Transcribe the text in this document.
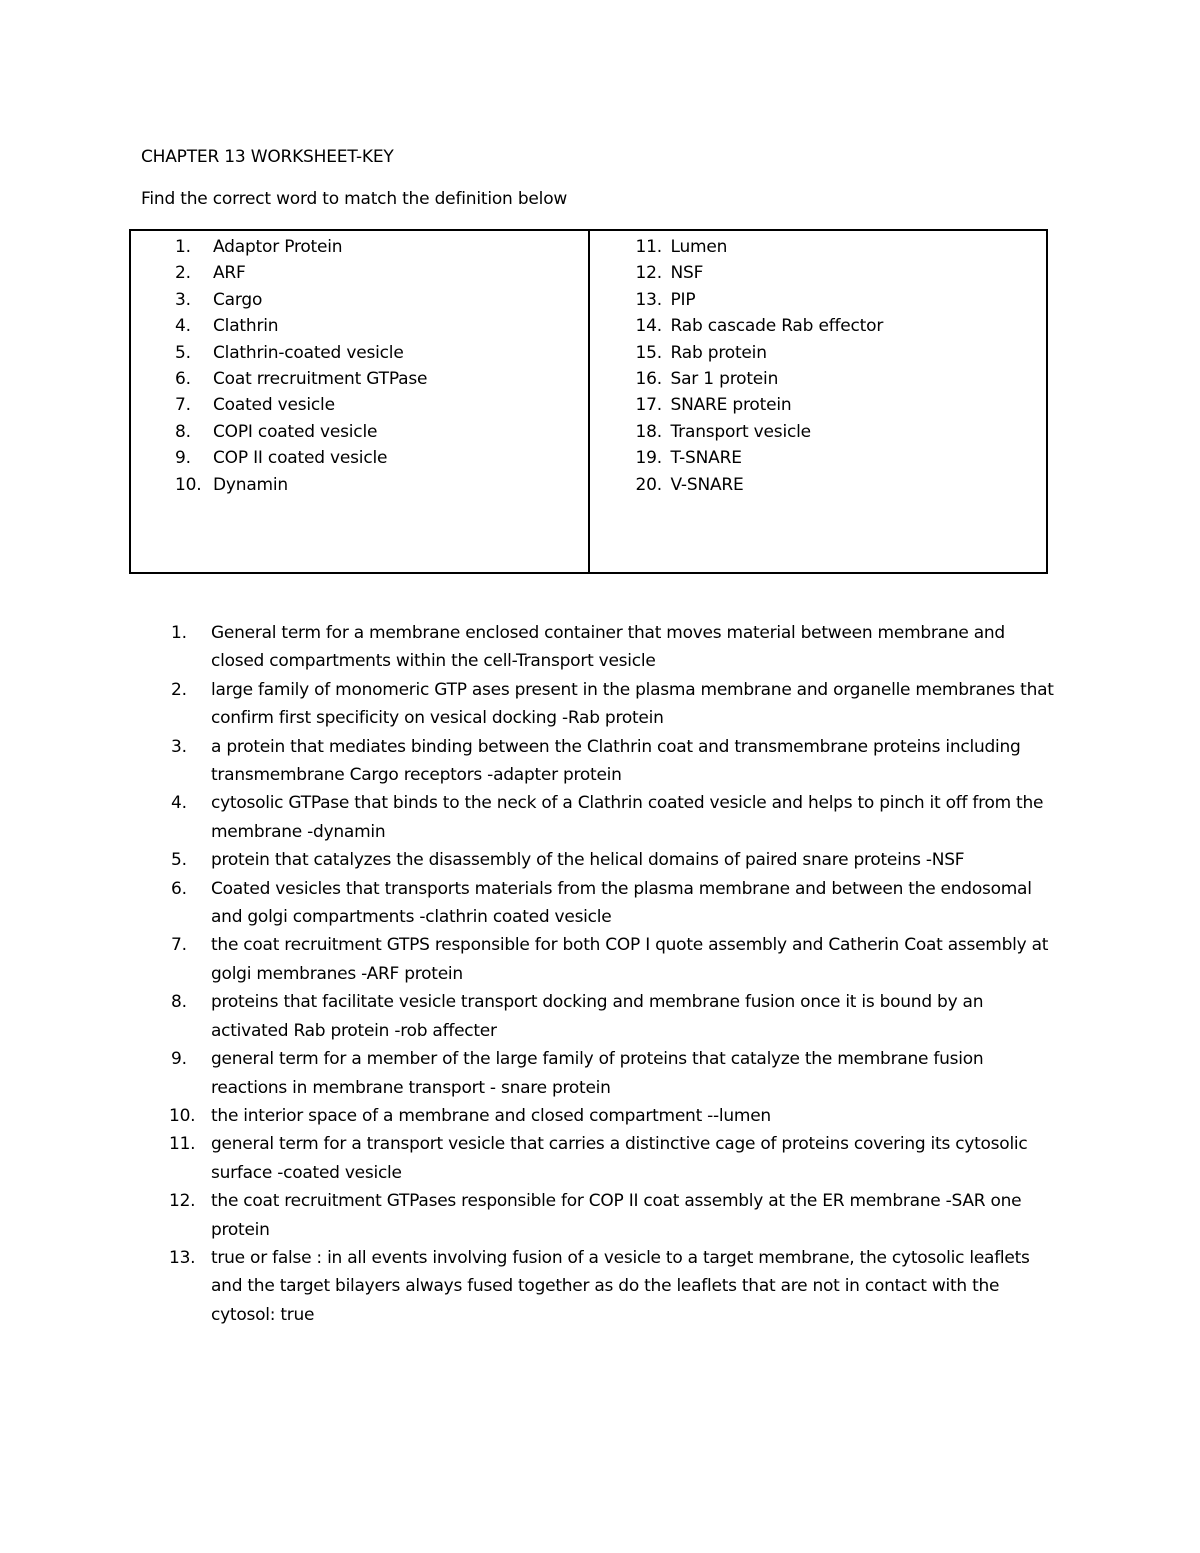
CHAPTER 13 WORKSHEET-KEY
Find the correct word to match the definition below
1. Adaptor Protein
2. ARF
3. Cargo
4. Clathrin
5. Clathrin-coated vesicle
6. Coat rrecruitment GTPase
7. Coated vesicle
8. COPI coated vesicle
9. COP II coated vesicle
10. Dynamin
11. Lumen
12. NSF
13. PIP
14. Rab cascade Rab effector
15. Rab protein
16. Sar 1 protein
17. SNARE protein
18. Transport vesicle
19. T-SNARE
20. V-SNARE
1. General term for a membrane enclosed container that moves material between membrane and closed compartments within the cell-Transport vesicle
2. large family of monomeric GTP ases present in the plasma membrane and organelle membranes that confirm first specificity on vesical docking -Rab protein
3. a protein that mediates binding between the Clathrin coat and transmembrane proteins including transmembrane Cargo receptors -adapter protein
4. cytosolic GTPase that binds to the neck of a Clathrin coated vesicle and helps to pinch it off from the membrane -dynamin
5. protein that catalyzes the disassembly of the helical domains of paired snare proteins -NSF
6. Coated vesicles that transports materials from the plasma membrane and between the endosomal and golgi compartments -clathrin coated vesicle
7. the coat recruitment GTPS responsible for both COP I quote assembly and Catherin Coat assembly at golgi membranes -ARF protein
8. proteins that facilitate vesicle transport docking and membrane fusion once it is bound by an activated Rab protein -rob affecter
9. general term for a member of the large family of proteins that catalyze the membrane fusion reactions in membrane transport - snare protein
10. the interior space of a membrane and closed compartment --lumen
11. general term for a transport vesicle that carries a distinctive cage of proteins covering its cytosolic surface -coated vesicle
12. the coat recruitment GTPases responsible for COP II coat assembly at the ER membrane -SAR one protein
13. true or false : in all events involving fusion of a vesicle to a target membrane, the cytosolic leaflets and the target bilayers always fused together as do the leaflets that are not in contact with the cytosol: true
